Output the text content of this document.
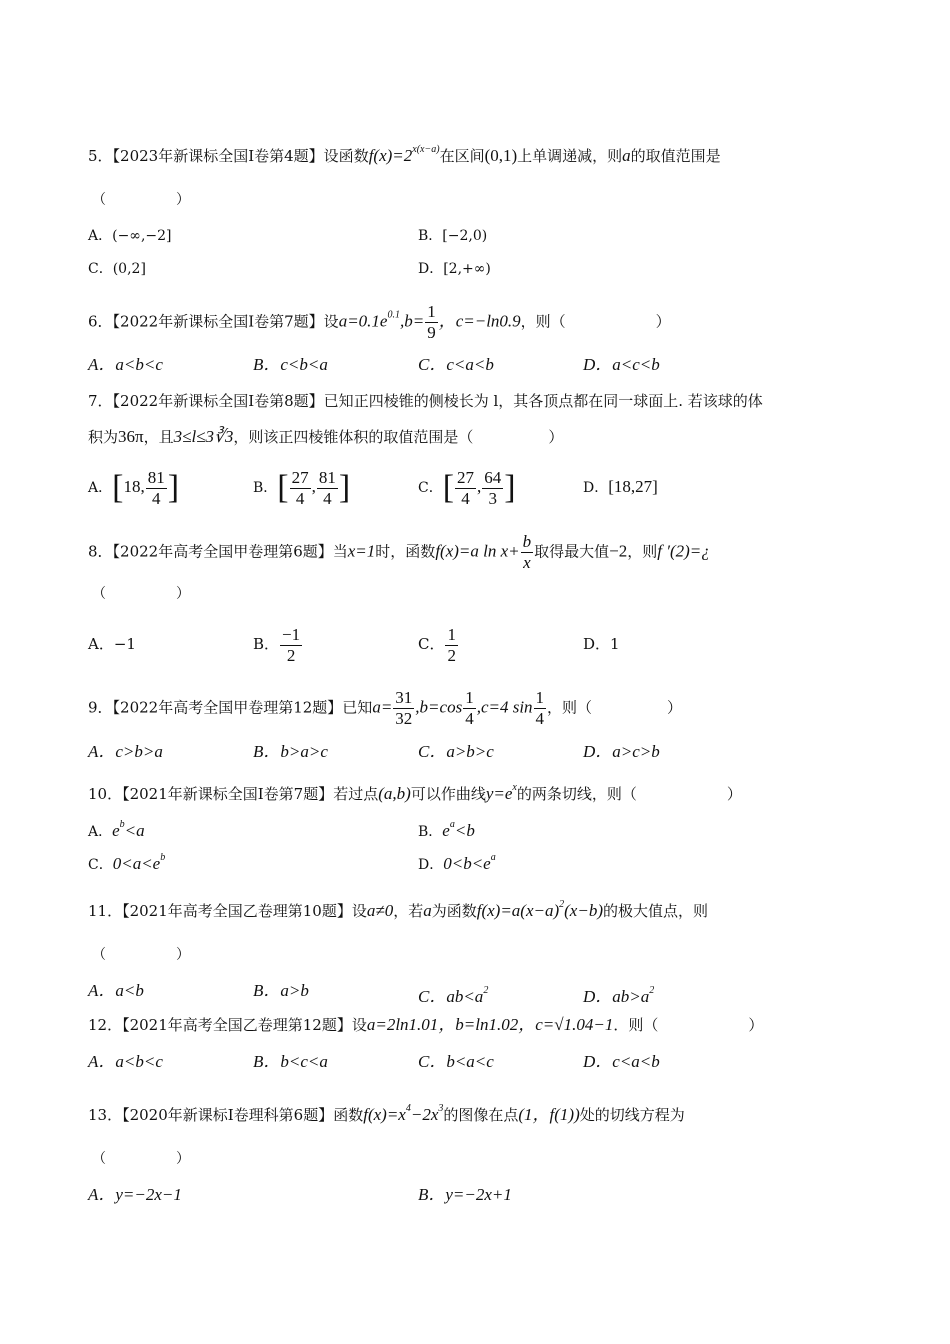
5．【2023年新课标全国Ⅰ卷第4题】设函数$f(x)=2^{x(x-a)}$在区间(0,1)上单调递减，则a的取值范围是
（　　　　　）
A．(−∞,−2]	B．[−2,0)
C．(0,2]	D．[2,+∞)
6．【2022年新课标全国Ⅰ卷第7题】设$a=0.1e^{0.1},b= \frac{1}{9}$ ，c=−ln0.9，则（　　　　　　）
A．a<b<c	B．c<b<a	C．c<a<b	D．a<c<b
7．【2022年新课标全国Ⅰ卷第8题】已知正四棱锥的侧棱长为 l，其各顶点都在同一球面上. 若该球的体
积为36π，且3≤l≤3∛3，则该正四棱锥体积的取值范围是（　　　　　）
A．[18, $\frac{81}{4}$ ]	B．[ $\frac{27}{4}$ , $\frac{81}{4}$ ]	C．[ $\frac{27}{4}$ , $\frac{64}{3}$ ]	D．[18,27]
8．【2022年高考全国甲卷理第6题】当x=1时，函数f(x)=a $\ln x+ \frac{b}{x}$ 取得最大值−2，则f ′(2)=¿
（　　　　　）
A．−1	B． $\frac{-1}{2}$	C． $\frac{1}{2}$	D．1
9．【2022年高考全国甲卷理第12题】已知$a= \frac{31}{32} ,b=\cos \frac{1}{4} ,c=4$ $\sin \frac{1}{4}$ ，则（　　　　　）
A．c>b>a	B．b>a>c	C．a>b>c	D．a>c>b
10．【2021年新课标全国Ⅰ卷第7题】若过点(a,b)可以作曲线$y=e^x$的两条切线，则（　　　　　　）
A．$e^b<a$	B．$e^a<b$
C．$0<a<e^b$	D．$0<b<e^a$
11．【2021年高考全国乙卷理第10题】设a≠0，若a为函数$f(x)=a(x-a)^2(x-b)$的极大值点，则
（　　　　　）
A．a<b	B．a>b	C．$ab<a^2$	D．$ab>a^2$
12．【2021年高考全国乙卷理第12题】设a=2ln1.01，b=ln1.02，c=√1.04−1．则（　　　　　　）
A．a<b<c	B．b<c<a	C．b<a<c	D．c<a<b
13．【2020年新课标Ⅰ卷理科第6题】函数$f(x)=x^4-2x^3$的图像在点(1，f(1))处的切线方程为
（　　　　　）
A．y=−2x−1	B．y=−2x+1
